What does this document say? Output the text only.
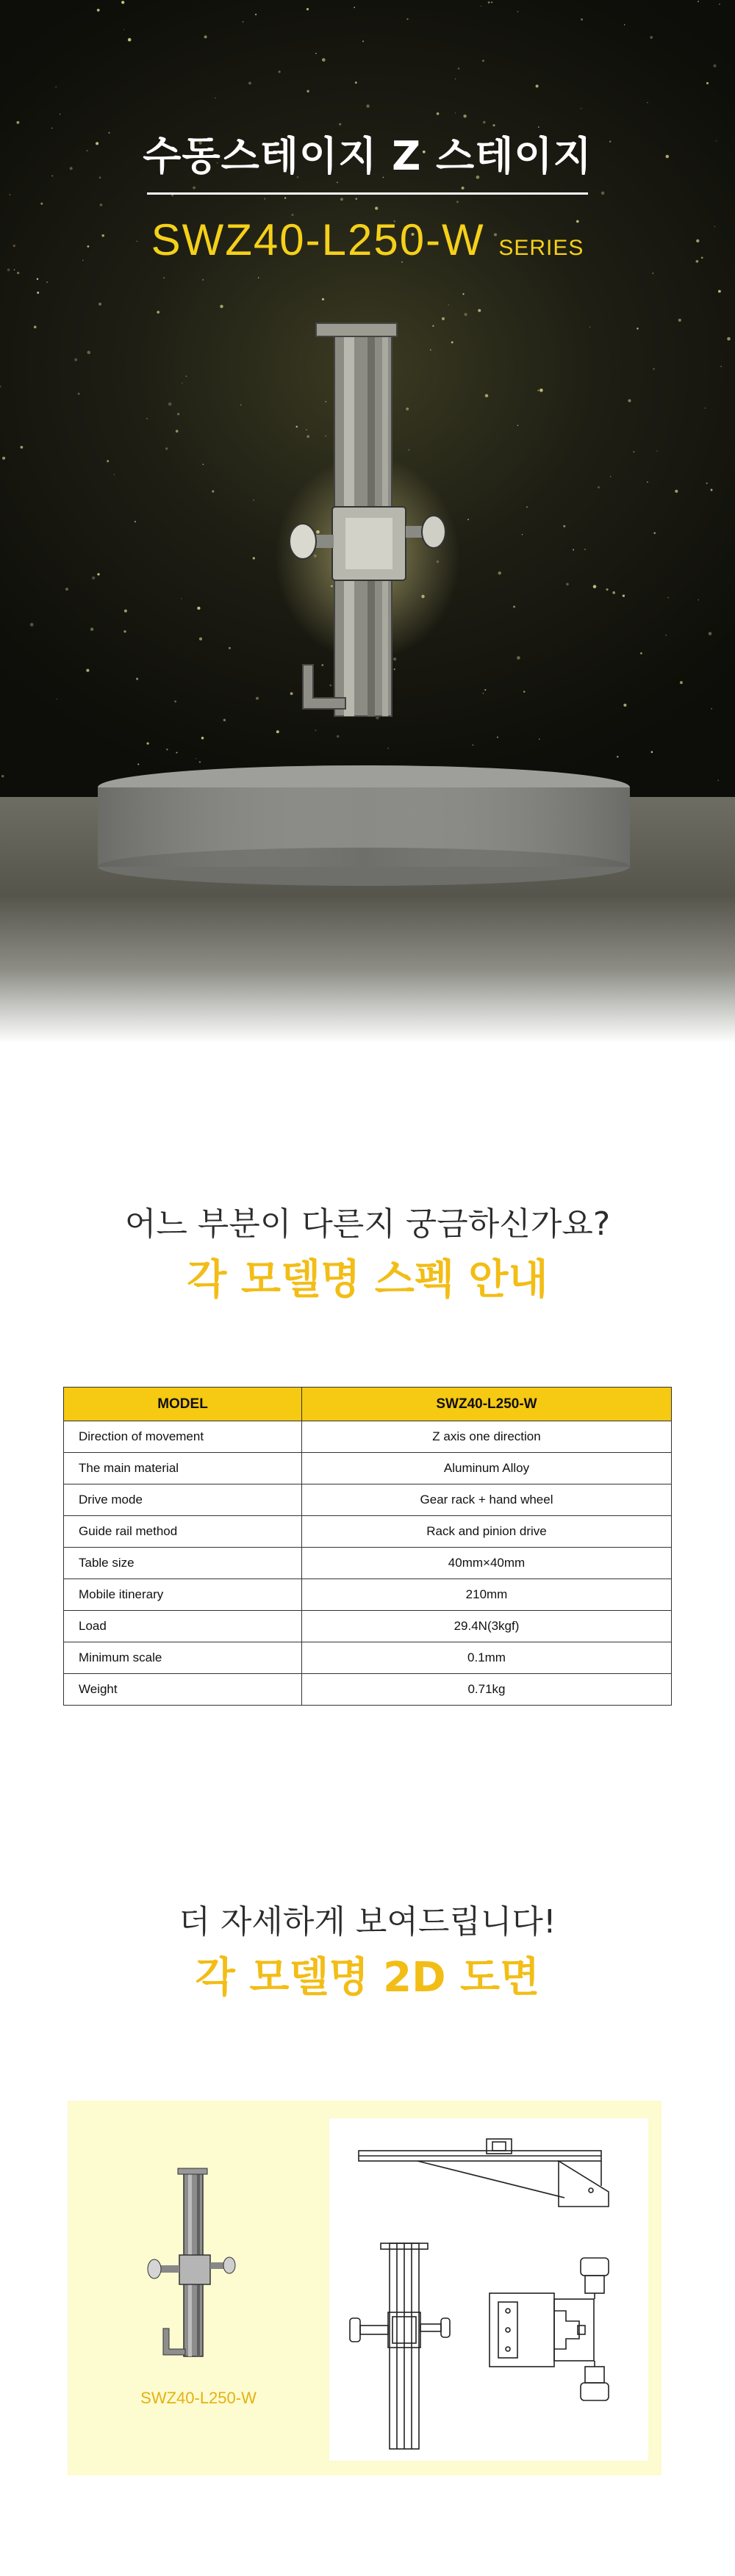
수동스테이지 Z 스테이지
SWZ40-L250-W SERIES
어느 부분이 다른지 궁금하신가요?
각 모델명 스펙 안내
MODEL	SWZ40-L250-W
Direction of movement	Z axis one direction
The main material	Aluminum Alloy
Drive mode	Gear rack + hand wheel
Guide rail method	Rack and pinion drive
Table size	40mm×40mm
Mobile itinerary	210mm
Load	29.4N(3kgf)
Minimum scale	0.1mm
Weight	0.71kg
더 자세하게 보여드립니다!
각 모델명 2D 도면
SWZ40-L250-W
